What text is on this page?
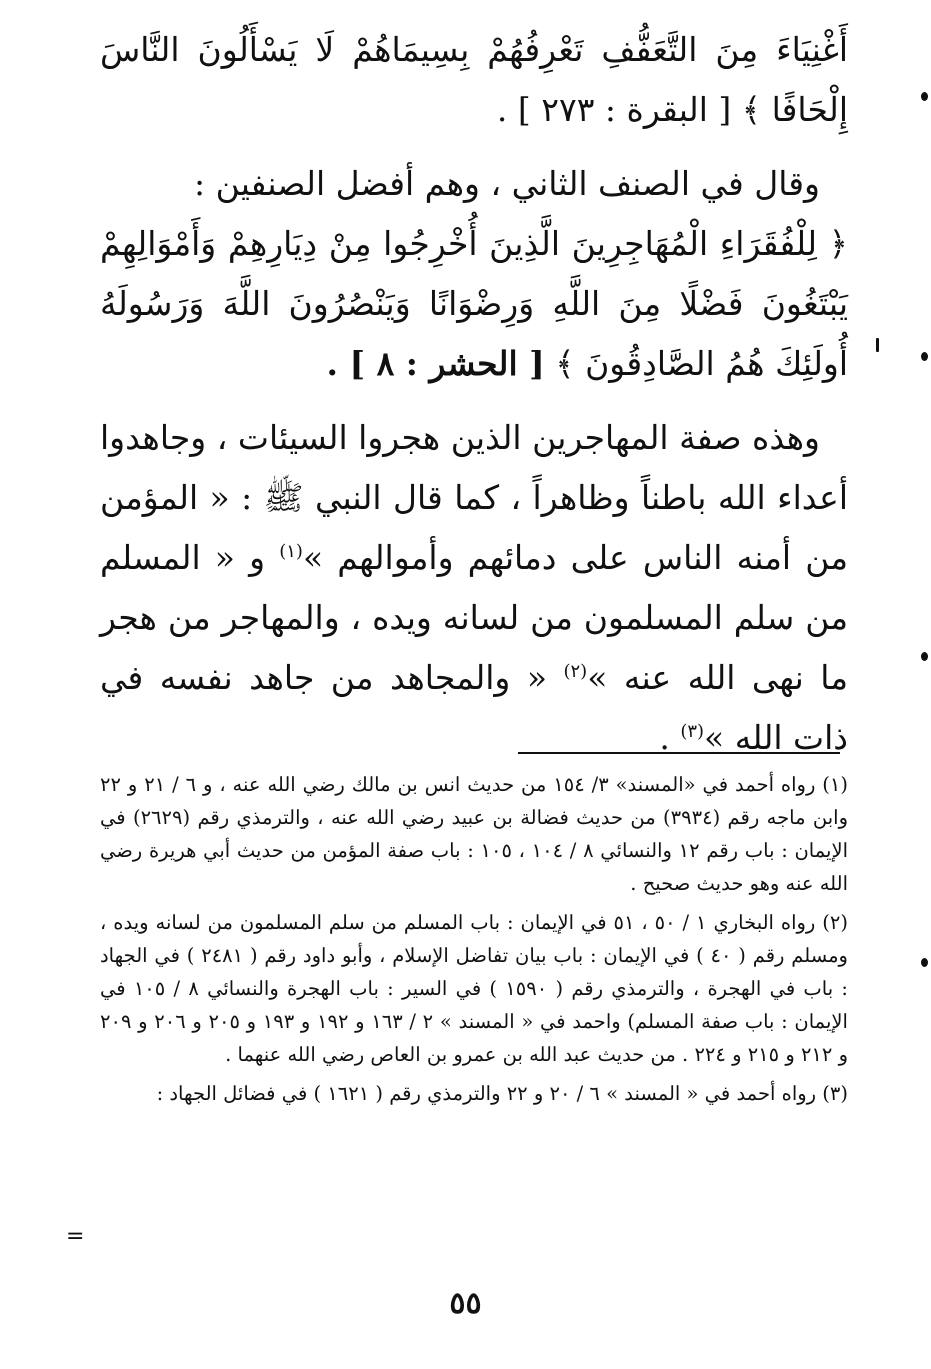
أَغْنِيَاءَ مِنَ التَّعَفُّفِ تَعْرِفُهُمْ بِسِيمَاهُمْ لَا يَسْأَلُونَ النَّاسَ إِلْحَافًا ﴾ [ البقرة : ٢٧٣ ] .

وقال في الصنف الثاني ، وهم أفضل الصنفين :

﴿ لِلْفُقَرَاءِ الْمُهَاجِرِينَ الَّذِينَ أُخْرِجُوا مِنْ دِيَارِهِمْ وَأَمْوَالِهِمْ يَبْتَغُونَ فَضْلًا مِنَ اللَّهِ وَرِضْوَانًا وَيَنْصُرُونَ اللَّهَ وَرَسُولَهُ أُولَئِكَ هُمُ الصَّادِقُونَ ﴾ [ الحشر : ٨ ] .

وهذه صفة المهاجرين الذين هجروا السيئات ، وجاهدوا أعداء الله باطناً وظاهراً ، كما قال النبي ﷺ : « المؤمن من أمنه الناس على دمائهم وأموالهم »$^{(١)}$ و « المسلم من سلم المسلمون من لسانه ويده ، والمهاجر من هجر ما نهى الله عنه »$^{(٢)}$ « والمجاهد من جاهد نفسه في ذات الله »$^{(٣)}$ .

(١) رواه أحمد في «المسند» ٣/ ١٥٤ من حديث انس بن مالك رضي الله عنه ، و ٦ / ٢١ و ٢٢ وابن ماجه رقم (٣٩٣٤) من حديث فضالة بن عبيد رضي الله عنه ، والترمذي رقم (٢٦٢٩) في الإيمان : باب رقم ١٢ والنسائي ٨ / ١٠٤ ، ١٠٥ : باب صفة المؤمن من حديث أبي هريرة رضي الله عنه وهو حديث صحيح .

(٢) رواه البخاري ١ / ٥٠ ، ٥١ في الإيمان : باب المسلم من سلم المسلمون من لسانه ويده ، ومسلم رقم ( ٤٠ ) في الإيمان : باب بيان تفاضل الإسلام ، وأبو داود رقم ( ٢٤٨١ ) في الجهاد : باب في الهجرة ، والترمذي رقم ( ١٥٩٠ ) في السير : باب الهجرة والنسائي ٨ / ١٠٥ في الإيمان : باب صفة المسلم) واحمد في « المسند » ٢ / ١٦٣ و ١٩٢ و ١٩٣ و ٢٠٥ و ٢٠٦ و ٢٠٩ و ٢١٢ و ٢١٥ و ٢٢٤ . من حديث عبد الله بن عمرو بن العاص رضي الله عنهما .

(٣) رواه أحمد في « المسند » ٦ / ٢٠ و ٢٢ والترمذي رقم ( ١٦٢١ ) في فضائل الجهاد :

=
٥٥
